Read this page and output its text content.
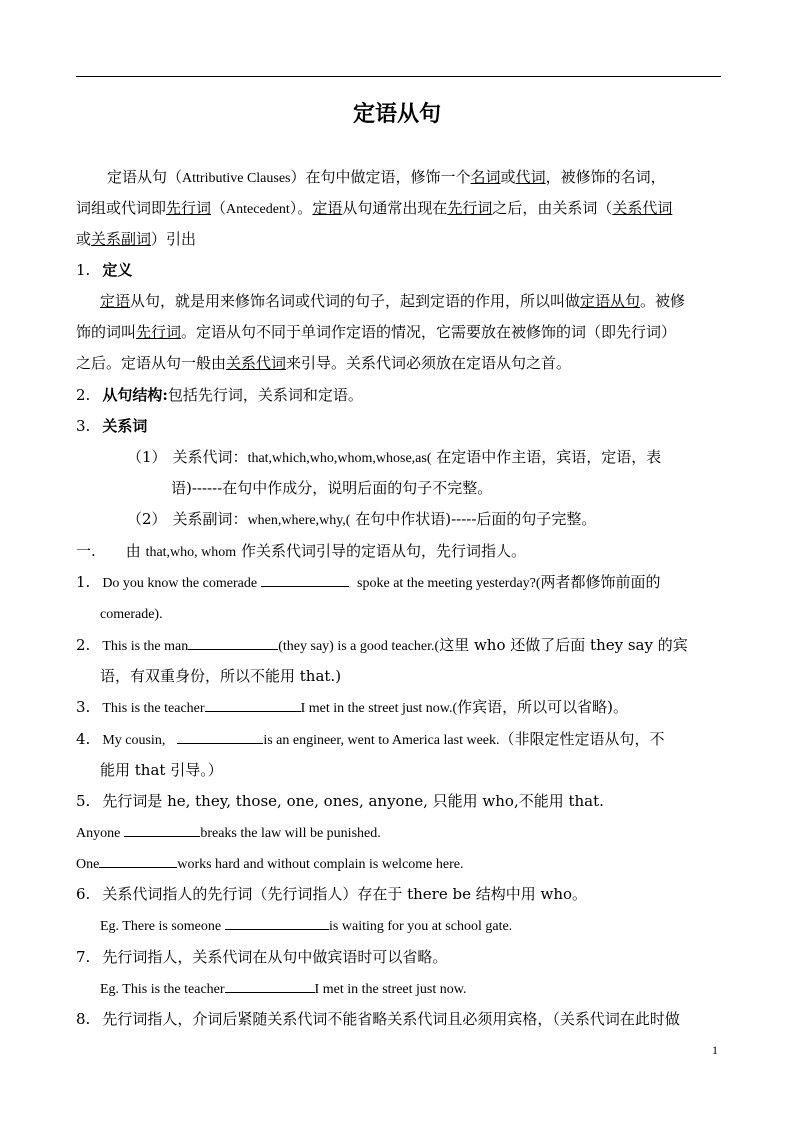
定语从句
定语从句（Attributive Clauses）在句中做定语，修饰一个名词或代词，被修饰的名词，
词组或代词即先行词（Antecedent）。定语从句通常出现在先行词之后，由关系词（关系代词
或关系副词）引出
1. 定义
定语从句，就是用来修饰名词或代词的句子，起到定语的作用，所以叫做定语从句。被修
饰的词叫先行词。定语从句不同于单词作定语的情况，它需要放在被修饰的词（即先行词）
之后。定语从句一般由关系代词来引导。关系代词必须放在定语从句之首。
2. 从句结构:包括先行词，关系词和定语。
3. 关系词
（1） 关系代词：that,which,who,whom,whose,as( 在定语中作主语，宾语，定语，表
语)------在句中作成分，说明后面的句子不完整。
（2） 关系副词：when,where,why,( 在句中作状语)-----后面的句子完整。
一. 由 that,who, whom 作关系代词引导的定语从句，先行词指人。
1. Do you know the comerade	spoke at the meeting yesterday?(两者都修饰前面的
comerade).
2. This is the man	(they say) is a good teacher.(这里 who 还做了后面 they say 的宾
语，有双重身份，所以不能用 that.)
3. This is the teacher	I met in the street just now.(作宾语，所以可以省略)。
4. My cousin,	is an engineer, went to America last week.（非限定性定语从句，不
能用 that 引导。）
5. 先行词是 he, they, those, one, ones, anyone, 只能用 who,不能用 that.
Anyone	breaks the law will be punished.
One	works hard and without complain is welcome here.
6. 关系代词指人的先行词（先行词指人）存在于 there be 结构中用 who。
Eg. There is someone	is waiting for you at school gate.
7. 先行词指人，关系代词在从句中做宾语时可以省略。
Eg. This is the teacher	I met in the street just now.
8. 先行词指人，介词后紧随关系代词不能省略关系代词且必须用宾格，（关系代词在此时做
1
